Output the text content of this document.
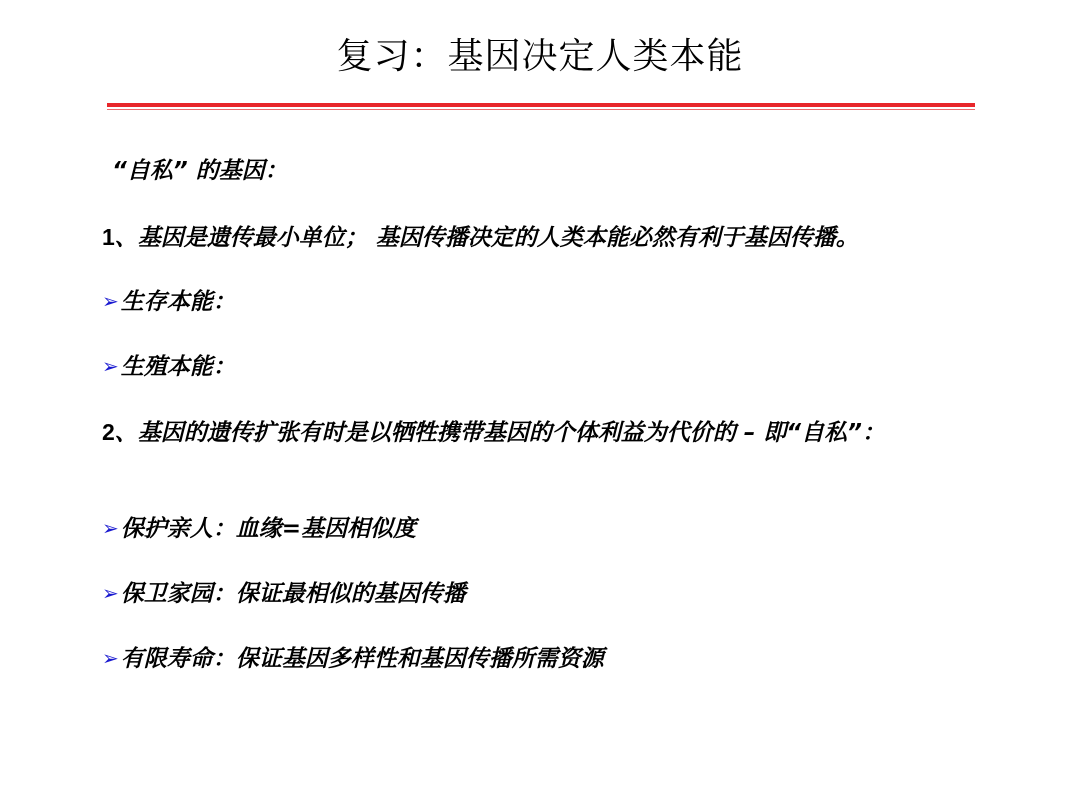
复习：基因决定人类本能
“自私” 的基因：
1、基因是遗传最小单位； 基因传播决定的人类本能必然有利于基因传播。
➢生存本能：
➢生殖本能：
2、基因的遗传扩张有时是以牺牲携带基因的个体利益为代价的 – 即“自私”：
➢保护亲人：血缘=基因相似度
➢保卫家园：保证最相似的基因传播
➢有限寿命：保证基因多样性和基因传播所需资源
